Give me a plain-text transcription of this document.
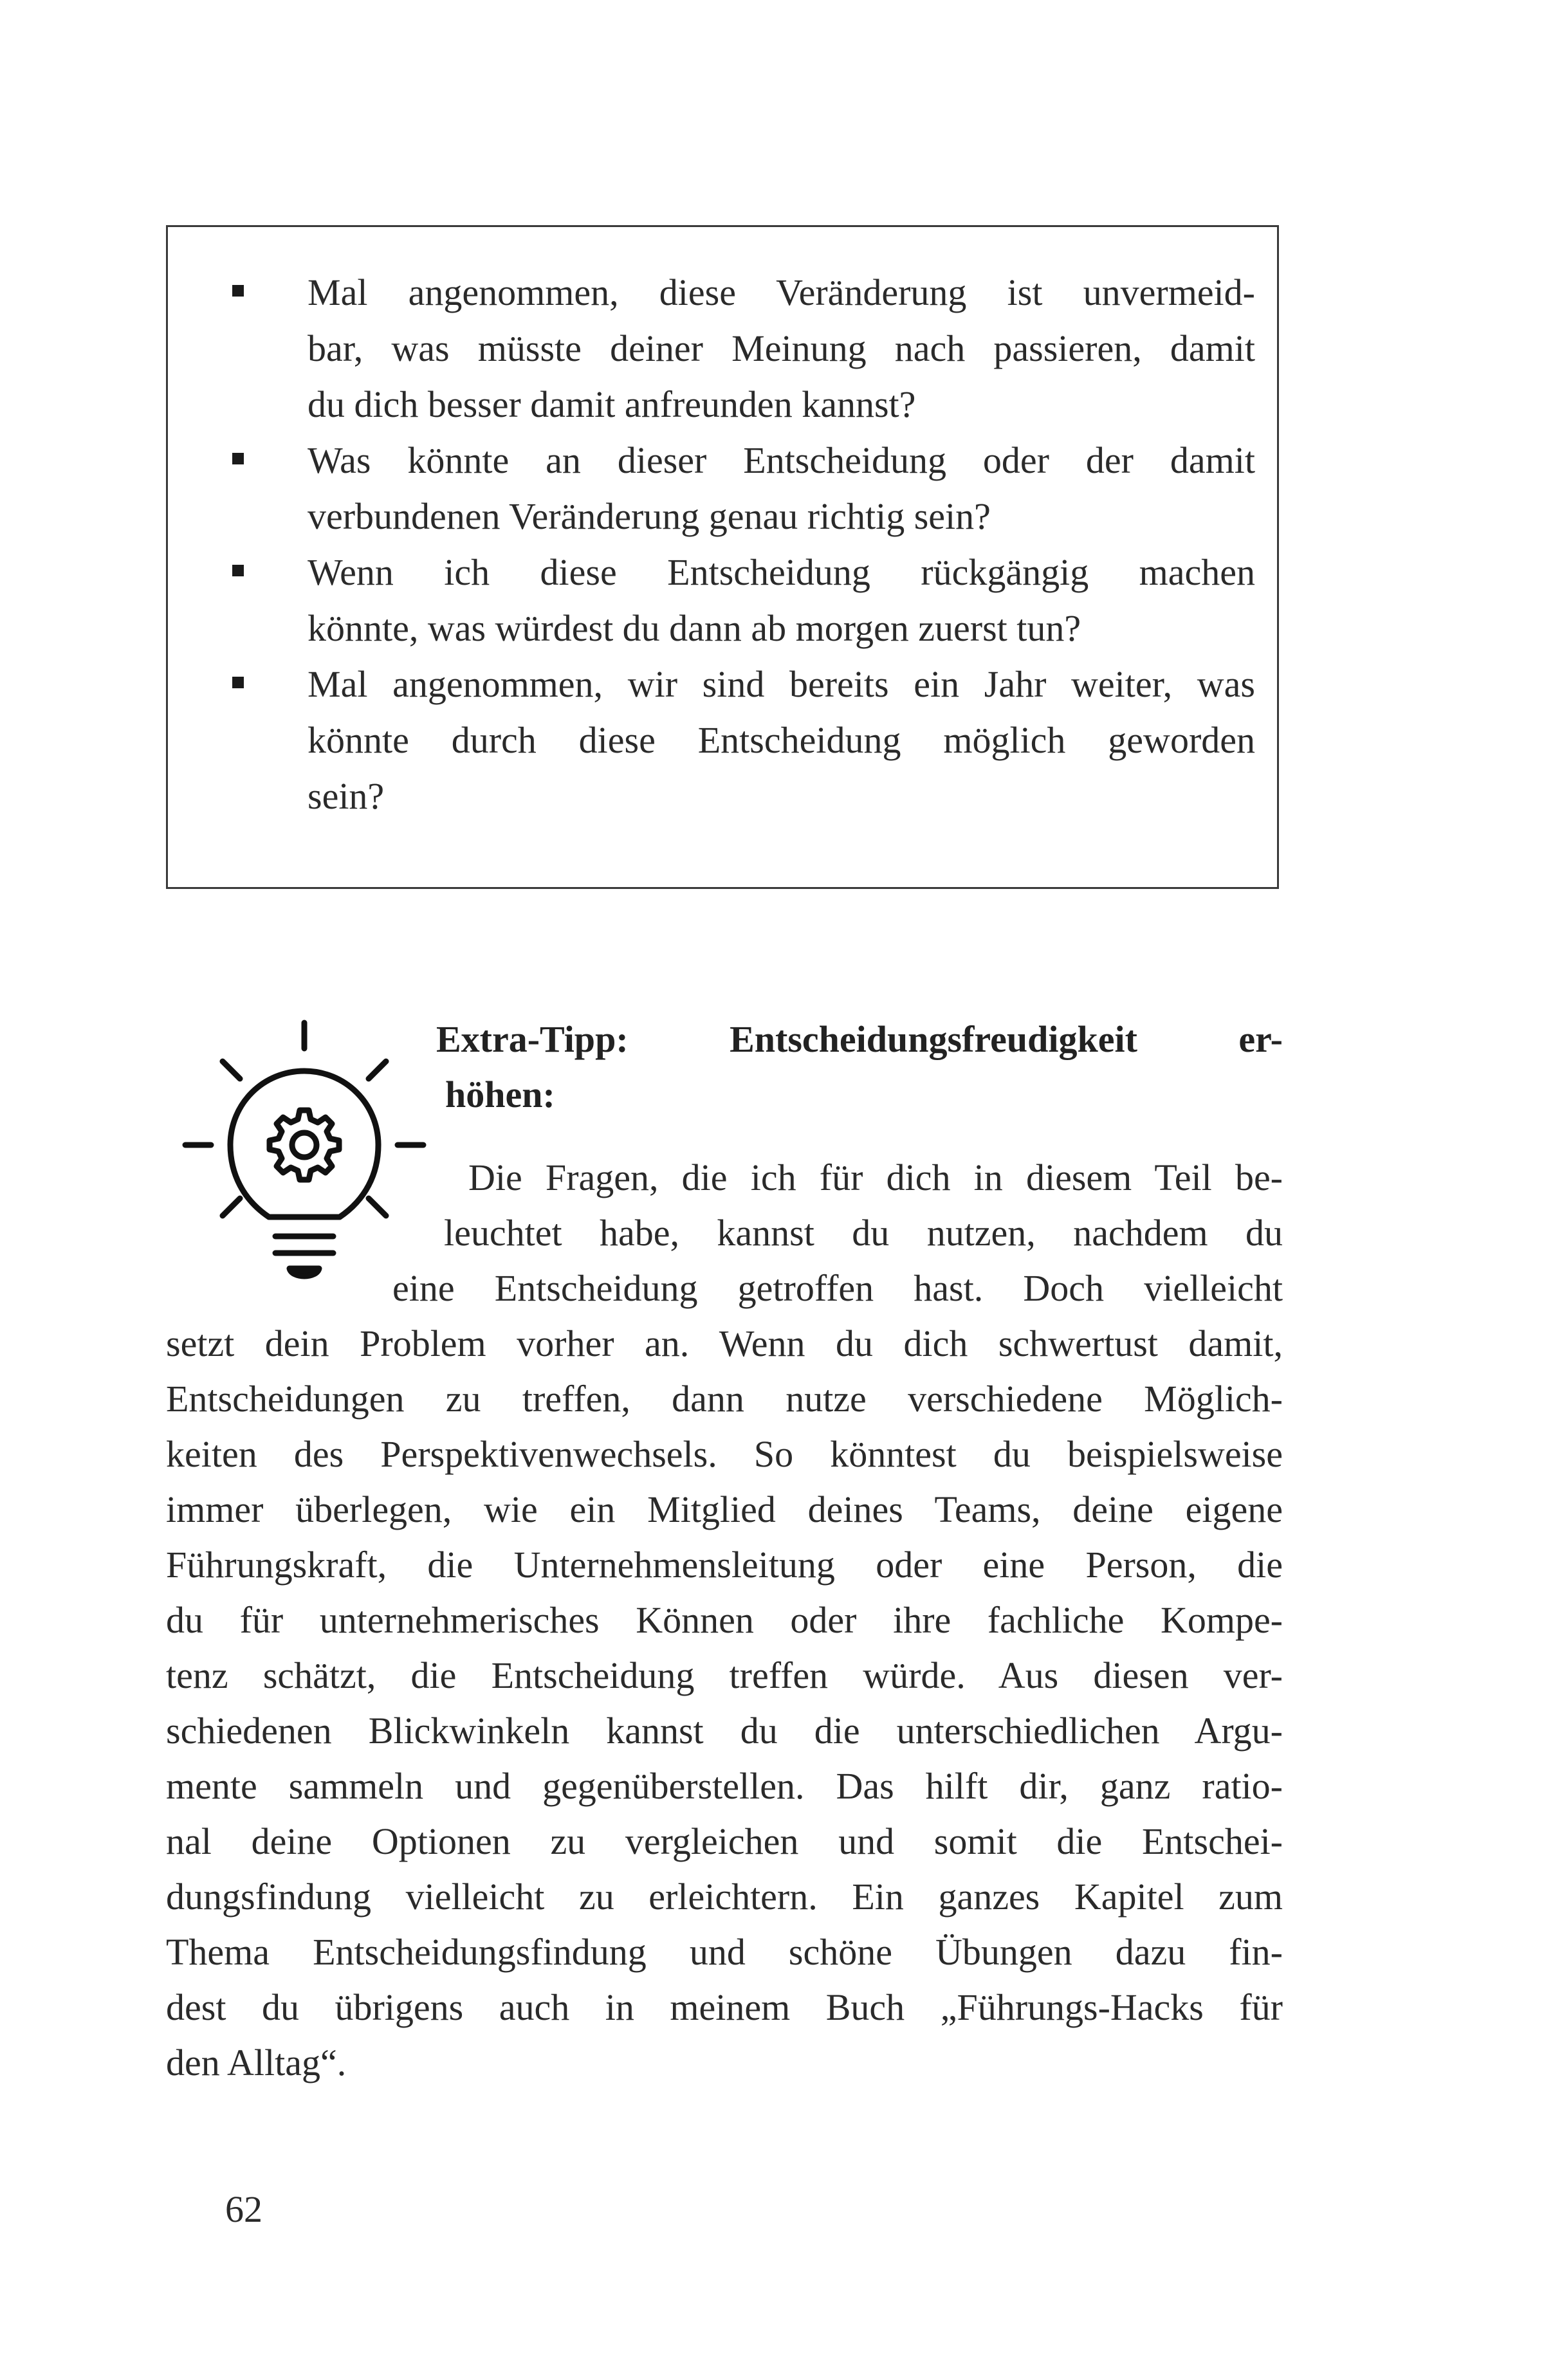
Mal angenommen, diese Veränderung ist unvermeid-
bar, was müsste deiner Meinung nach passieren, damit
du dich besser damit anfreunden kannst?
Was könnte an dieser Entscheidung oder der damit
verbundenen Veränderung genau richtig sein?
Wenn ich diese Entscheidung rückgängig machen
könnte, was würdest du dann ab morgen zuerst tun?
Mal angenommen, wir sind bereits ein Jahr weiter, was
könnte durch diese Entscheidung möglich geworden
sein?
Extra-Tipp: Entscheidungsfreudigkeit er-
höhen:
Die Fragen, die ich für dich in diesem Teil be-
leuchtet habe, kannst du nutzen, nachdem du
eine Entscheidung getroffen hast. Doch vielleicht
setzt dein Problem vorher an. Wenn du dich schwertust damit,
Entscheidungen zu treffen, dann nutze verschiedene Möglich-
keiten des Perspektivenwechsels. So könntest du beispielsweise
immer überlegen, wie ein Mitglied deines Teams, deine eigene
Führungskraft, die Unternehmensleitung oder eine Person, die
du für unternehmerisches Können oder ihre fachliche Kompe-
tenz schätzt, die Entscheidung treffen würde. Aus diesen ver-
schiedenen Blickwinkeln kannst du die unterschiedlichen Argu-
mente sammeln und gegenüberstellen. Das hilft dir, ganz ratio-
nal deine Optionen zu vergleichen und somit die Entschei-
dungsfindung vielleicht zu erleichtern. Ein ganzes Kapitel zum
Thema Entscheidungsfindung und schöne Übungen dazu fin-
dest du übrigens auch in meinem Buch „Führungs-Hacks für
den Alltag“.
62
